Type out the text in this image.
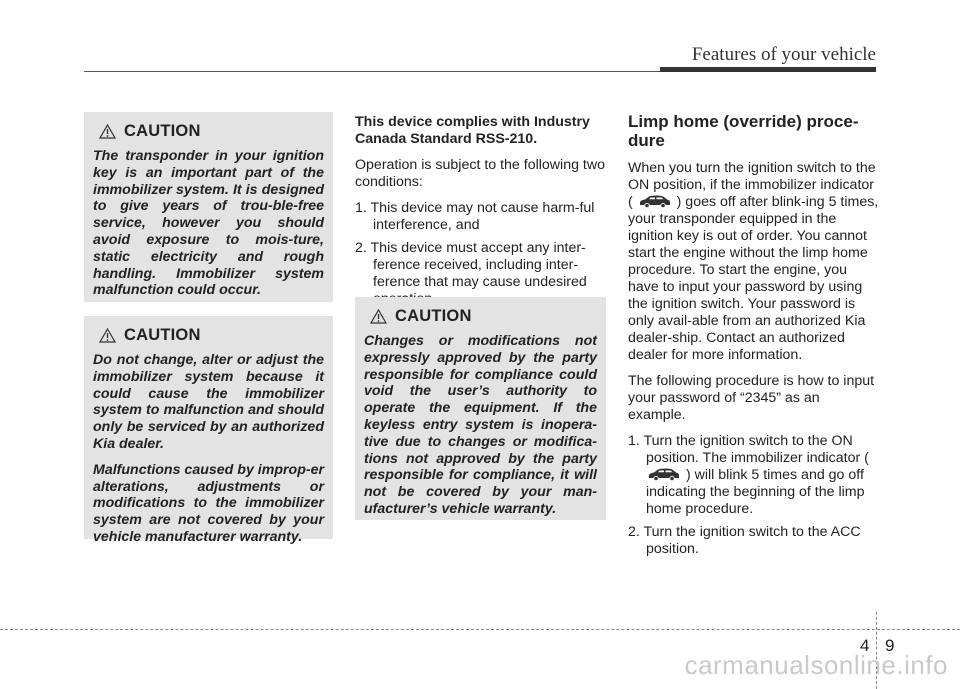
Features of your vehicle
CAUTION

The transponder in your ignition key is an important part of the immobilizer system. It is designed to give years of trou-ble-free service, however you should avoid exposure to mois-ture, static electricity and rough handling. Immobilizer system malfunction could occur.

CAUTION

Do not change, alter or adjust the immobilizer system because it could cause the immobilizer system to malfunction and should only be serviced by an authorized Kia dealer.

Malfunctions caused by improp-er alterations, adjustments or modifications to the immobilizer system are not covered by your vehicle manufacturer warranty.

This device complies with Industry Canada Standard RSS-210.

Operation is subject to the following two conditions:

1. This device may not cause harm-ful interference, and
2. This device must accept any inter-ference received, including inter-ference that may cause undesired
CAUTION

Changes or modifications not expressly approved by the party responsible for compliance could void the user’s authority to operate the equipment. If the keyless entry system is inopera-tive due to changes or modifica-tions not approved by the party responsible for compliance, it will not be covered by your man-ufacturer’s vehicle warranty.

Limp home (override) proce-dure

When you turn the ignition switch to the ON position, if the immobilizer indicator (	) goes off after blink-ing 5 times, your transponder equipped in the ignition key is out of order. You cannot start the engine without the limp home procedure. To start the engine, you have to input your password by using the ignition switch. Your password is only avail-able from an authorized Kia dealer-ship. Contact an authorized dealer for more information.

The following procedure is how to input your password of “2345” as an example.

1. Turn the ignition switch to the ON position. The immobilizer indicator (  ) will blink 5 times and go off indicating the beginning of the limp home procedure.
2. Turn the ignition switch to the ACC position.
4 9
carmanualsonline.info
